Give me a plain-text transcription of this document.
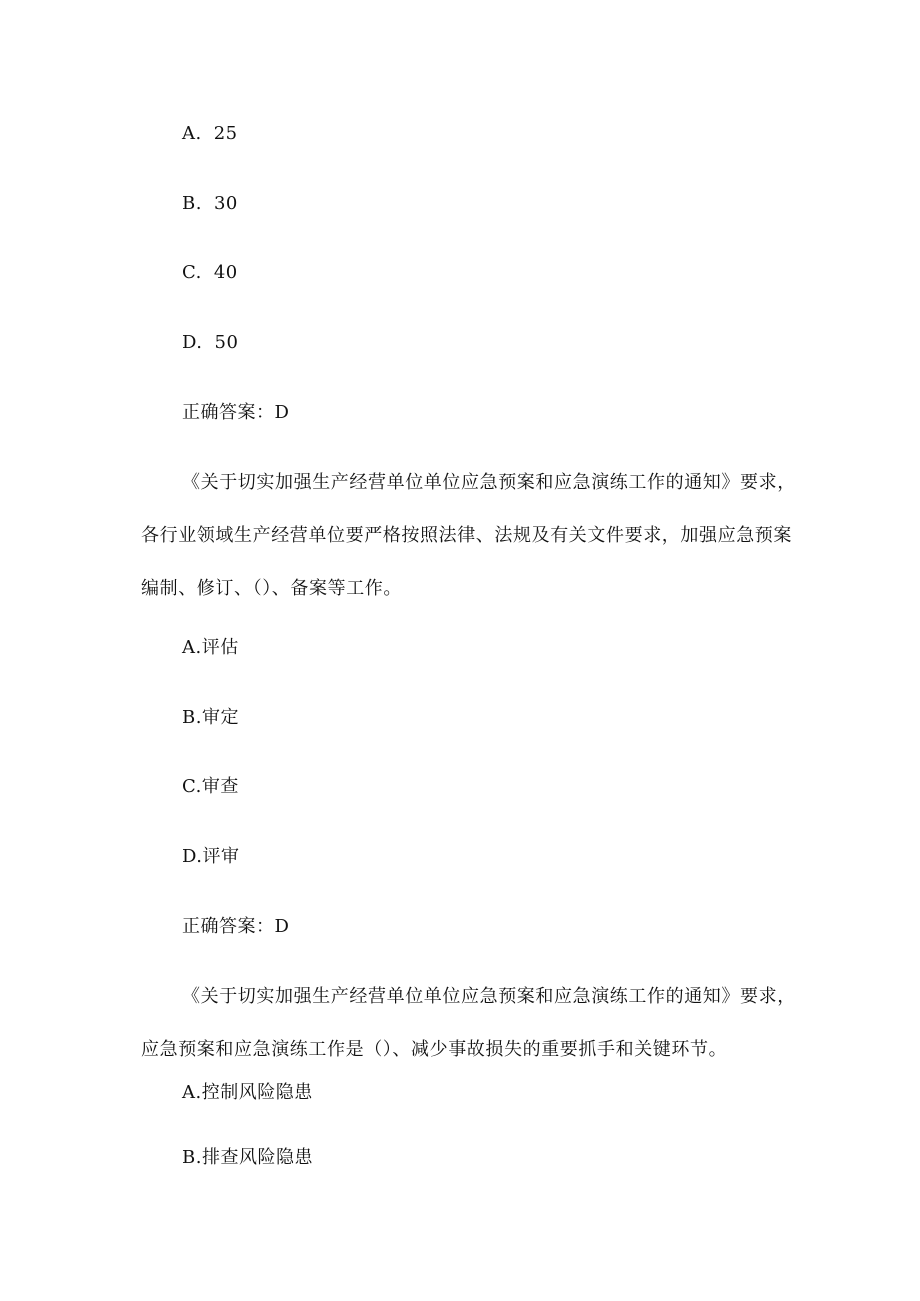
A. 25
B. 30
C. 40
D. 50
正确答案：D
《关于切实加强生产经营单位单位应急预案和应急演练工作的通知》要求，
各行业领域生产经营单位要严格按照法律、法规及有关文件要求，加强应急预案
编制、修订、（）、备案等工作。
A.评估
B.审定
C.审查
D.评审
正确答案：D
《关于切实加强生产经营单位单位应急预案和应急演练工作的通知》要求，
应急预案和应急演练工作是（）、减少事故损失的重要抓手和关键环节。
A.控制风险隐患
B.排查风险隐患
